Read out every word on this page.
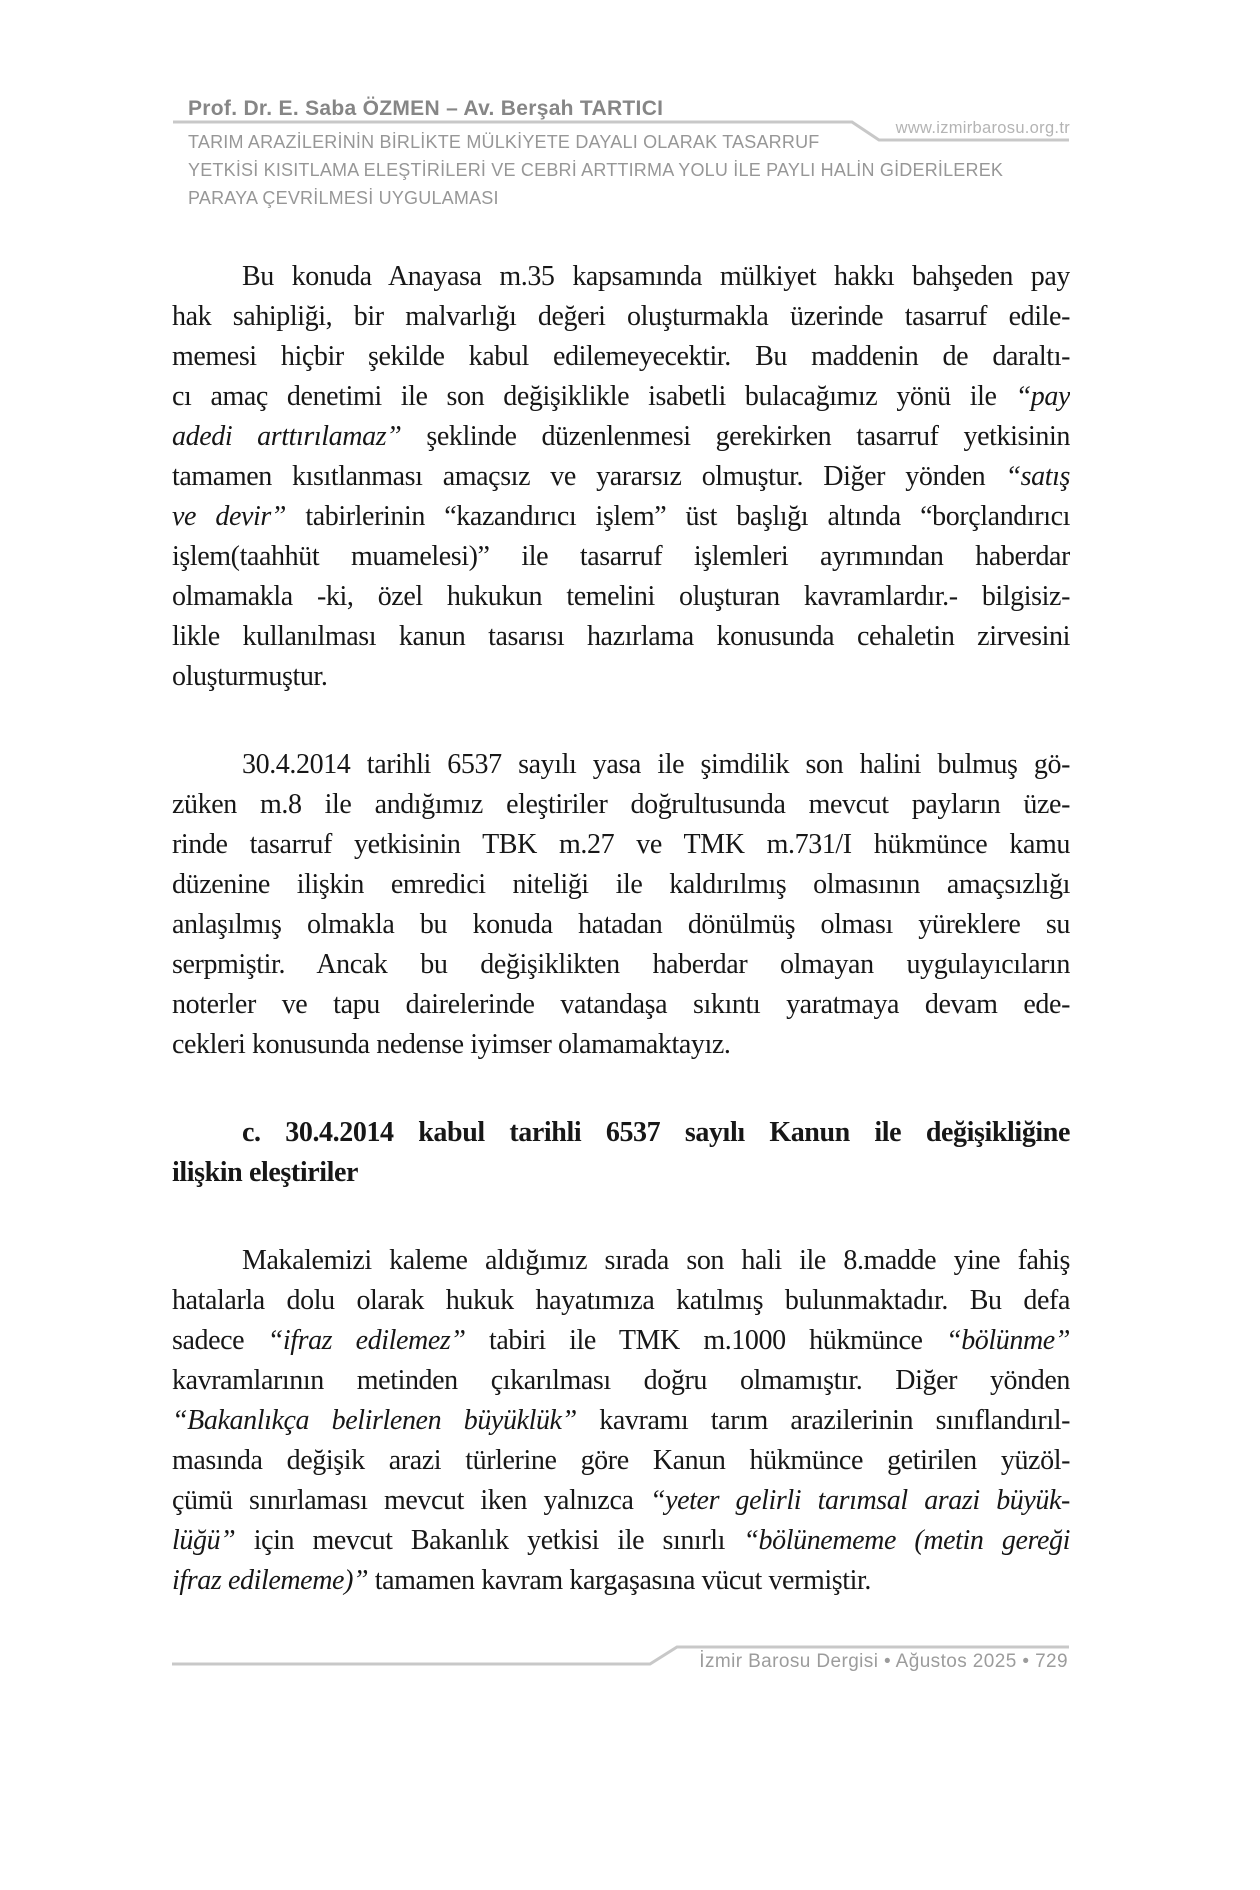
Prof. Dr. E. Saba ÖZMEN – Av. Berşah TARTICI
www.izmirbarosu.org.tr
TARIM ARAZİLERİNİN BİRLİKTE MÜLKİYETE DAYALI OLARAK TASARRUF
YETKİSİ KISITLAMA ELEŞTİRİLERİ VE CEBRİ ARTTIRMA YOLU İLE PAYLI HALİN GİDERİLEREK
PARAYA ÇEVRİLMESİ UYGULAMASI
Bu konuda Anayasa m.35 kapsamında mülkiyet hakkı bahşeden pay
hak sahipliği, bir malvarlığı değeri oluşturmakla üzerinde tasarruf edile-
memesi hiçbir şekilde kabul edilemeyecektir. Bu maddenin de daraltı-
cı amaç denetimi ile son değişiklikle isabetli bulacağımız yönü ile “pay
adedi arttırılamaz” şeklinde düzenlenmesi gerekirken tasarruf yetkisinin
tamamen kısıtlanması amaçsız ve yararsız olmuştur. Diğer yönden “satış
ve devir” tabirlerinin “kazandırıcı işlem” üst başlığı altında “borçlandırıcı
işlem(taahhüt muamelesi)” ile tasarruf işlemleri ayrımından haberdar
olmamakla -ki, özel hukukun temelini oluşturan kavramlardır.- bilgisiz-
likle kullanılması kanun tasarısı hazırlama konusunda cehaletin zirvesini
oluşturmuştur.
30.4.2014 tarihli 6537 sayılı yasa ile şimdilik son halini bulmuş gö-
züken m.8 ile andığımız eleştiriler doğrultusunda mevcut payların üze-
rinde tasarruf yetkisinin TBK m.27 ve TMK m.731/I hükmünce kamu
düzenine ilişkin emredici niteliği ile kaldırılmış olmasının amaçsızlığı
anlaşılmış olmakla bu konuda hatadan dönülmüş olması yüreklere su
serpmiştir. Ancak bu değişiklikten haberdar olmayan uygulayıcıların
noterler ve tapu dairelerinde vatandaşa sıkıntı yaratmaya devam ede-
cekleri konusunda nedense iyimser olamamaktayız.
c. 30.4.2014 kabul tarihli 6537 sayılı Kanun ile değişikliğine
ilişkin eleştiriler
Makalemizi kaleme aldığımız sırada son hali ile 8.madde yine fahiş
hatalarla dolu olarak hukuk hayatımıza katılmış bulunmaktadır. Bu defa
sadece “ifraz edilemez” tabiri ile TMK m.1000 hükmünce “bölünme”
kavramlarının metinden çıkarılması doğru olmamıştır. Diğer yönden
“Bakanlıkça belirlenen büyüklük” kavramı tarım arazilerinin sınıflandırıl-
masında değişik arazi türlerine göre Kanun hükmünce getirilen yüzöl-
çümü sınırlaması mevcut iken yalnızca “yeter gelirli tarımsal arazi büyük-
lüğü” için mevcut Bakanlık yetkisi ile sınırlı “bölünememe (metin gereği
ifraz edilememe)” tamamen kavram kargaşasına vücut vermiştir.
İzmir Barosu Dergisi • Ağustos 2025 • 729
